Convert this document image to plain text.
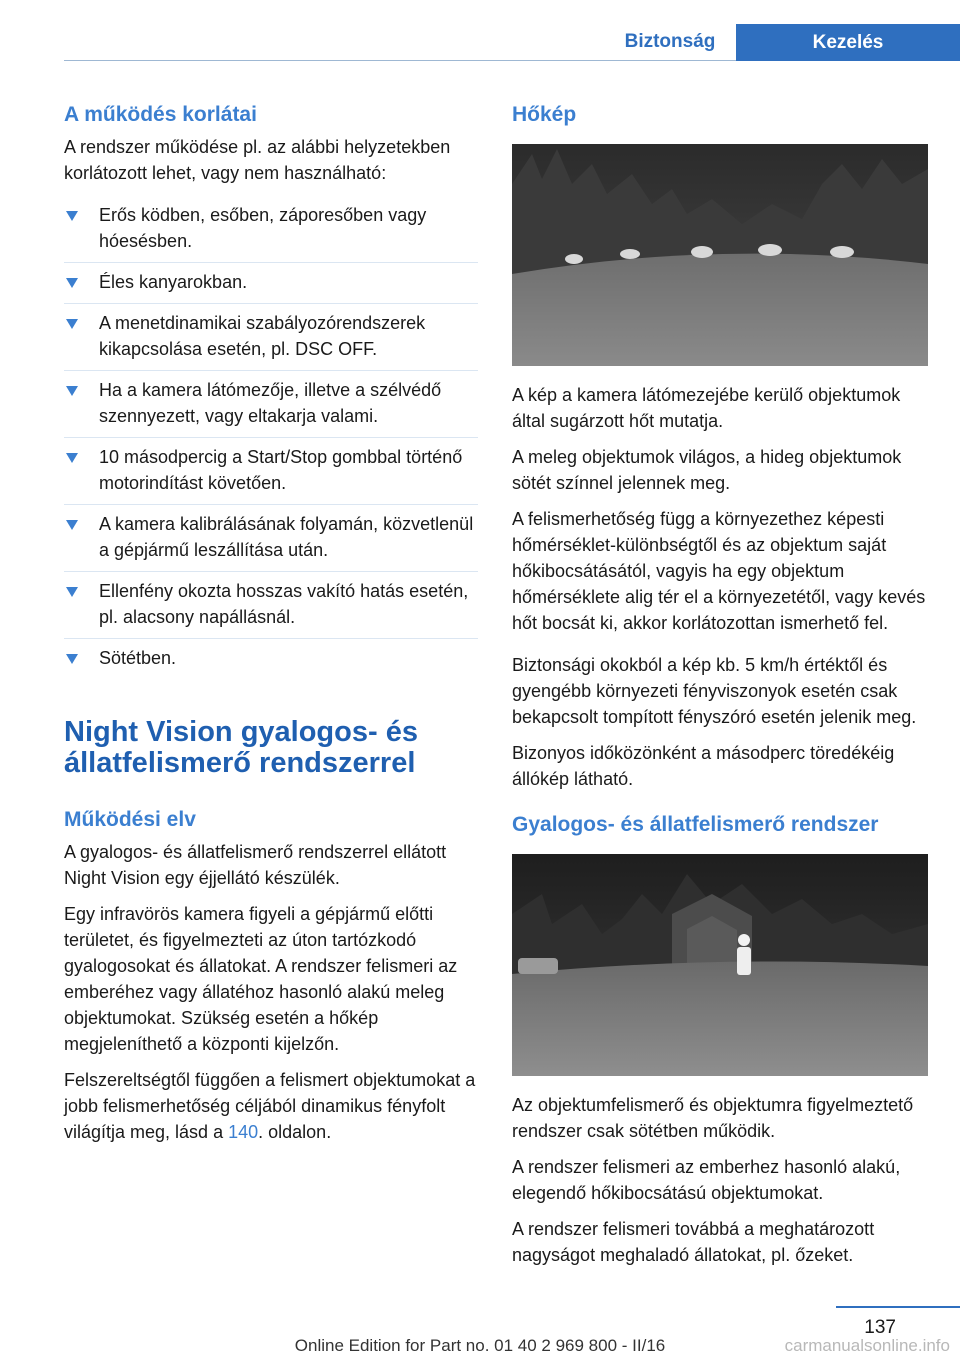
Biztonság	Kezelés
A működés korlátai

A rendszer működése pl. az alábbi helyzetekben korlátozott lehet, vagy nem használható:

Erős ködben, esőben, záporesőben vagy hóesésben.
Éles kanyarokban.
A menetdinamikai szabályozórendszerek kikapcsolása esetén, pl. DSC OFF.
Ha a kamera látómezője, illetve a szélvédő szennyezett, vagy eltakarja valami.
10 másodpercig a Start/Stop gombbal történő motorindítást követően.
A kamera kalibrálásának folyamán, közvetlenül a gépjármű leszállítása után.
Ellenfény okozta hosszas vakító hatás esetén, pl. alacsony napállásnál.
Sötétben.
Night Vision gyalogos- és állatfelismerő rendszerrel
Működési elv

A gyalogos- és állatfelismerő rendszerrel ellátott Night Vision egy éjjellátó készülék.

Egy infravörös kamera figyeli a gépjármű előtti területet, és figyelmezteti az úton tartózkodó gyalogosokat és állatokat. A rendszer felismeri az emberéhez vagy állatéhoz hasonló alakú meleg objektumokat. Szükség esetén a hőkép megjeleníthető a központi kijelzőn.

Felszereltségtől függően a felismert objektumokat a jobb felismerhetőség céljából dinamikus fényfolt világítja meg, lásd a 140. oldalon.

Hőkép

A kép a kamera látómezejébe kerülő objektumok által sugárzott hőt mutatja.

A meleg objektumok világos, a hideg objektumok sötét színnel jelennek meg.

A felismerhetőség függ a környezethez képesti hőmérséklet-különbségtől és az objektum saját hőkibocsátásától, vagyis ha egy objektum hőmérséklete alig tér el a környezetétől, vagy kevés hőt bocsát ki, akkor korlátozottan ismerhető fel.

Biztonsági okokból a kép kb. 5 km/h értéktől és gyengébb környezeti fényviszonyok esetén csak bekapcsolt tompított fényszóró esetén jelenik meg.

Bizonyos időközönként a másodperc töredékéig állókép látható.

Gyalogos- és állatfelismerő rendszer

Az objektumfelismerő és objektumra figyelmeztető rendszer csak sötétben működik.

A rendszer felismeri az emberhez hasonló alakú, elegendő hőkibocsátású objektumokat.

A rendszer felismeri továbbá a meghatározott nagyságot meghaladó állatokat, pl. őzeket.

137
Online Edition for Part no. 01 40 2 969 800 - II/16	carmanualsonline.info
